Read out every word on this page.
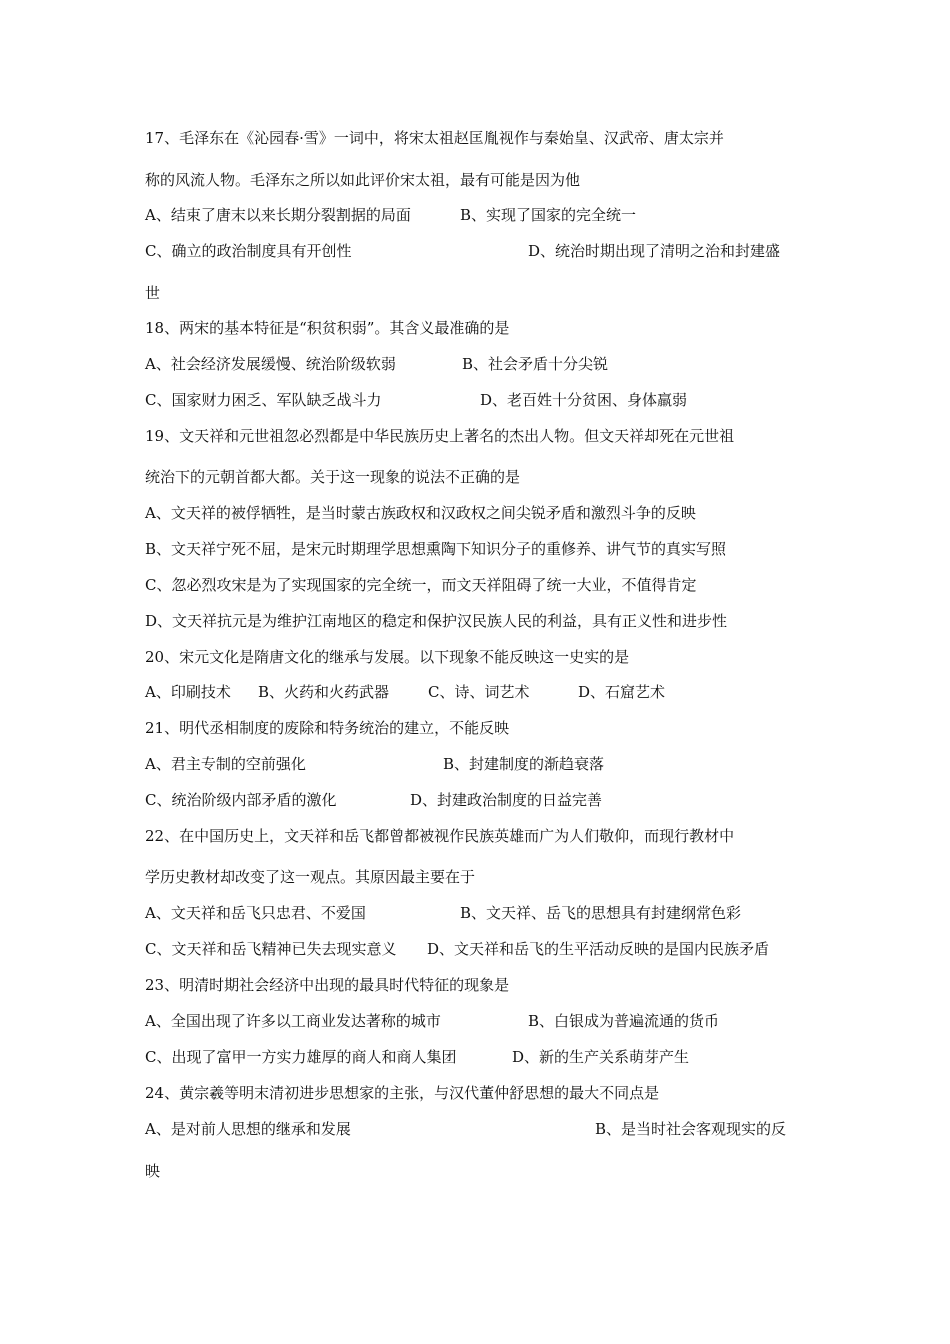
17、毛泽东在《沁园春·雪》一词中，将宋太祖赵匡胤视作与秦始皇、汉武帝、唐太宗并
称的风流人物。毛泽东之所以如此评价宋太祖，最有可能是因为他
A、结束了唐末以来长期分裂割据的局面	B、实现了国家的完全统一
C、确立的政治制度具有开创性	D、统治时期出现了清明之治和封建盛
世
18、两宋的基本特征是“积贫积弱”。其含义最准确的是
A、社会经济发展缓慢、统治阶级软弱	B、社会矛盾十分尖锐
C、国家财力困乏、军队缺乏战斗力	D、老百姓十分贫困、身体羸弱
19、文天祥和元世祖忽必烈都是中华民族历史上著名的杰出人物。但文天祥却死在元世祖
统治下的元朝首都大都。关于这一现象的说法不正确的是
A、文天祥的被俘牺牲，是当时蒙古族政权和汉政权之间尖锐矛盾和激烈斗争的反映
B、文天祥宁死不屈，是宋元时期理学思想熏陶下知识分子的重修养、讲气节的真实写照
C、忽必烈攻宋是为了实现国家的完全统一，而文天祥阻碍了统一大业，不值得肯定
D、文天祥抗元是为维护江南地区的稳定和保护汉民族人民的利益，具有正义性和进步性
20、宋元文化是隋唐文化的继承与发展。以下现象不能反映这一史实的是
A、印刷技术 B、火药和火药武器	C、诗、词艺术	D、石窟艺术
21、明代丞相制度的废除和特务统治的建立，不能反映
A、君主专制的空前强化	B、封建制度的渐趋衰落
C、统治阶级内部矛盾的激化	D、封建政治制度的日益完善
22、在中国历史上，文天祥和岳飞都曾都被视作民族英雄而广为人们敬仰，而现行教材中
学历史教材却改变了这一观点。其原因最主要在于
A、文天祥和岳飞只忠君、不爱国	B、文天祥、岳飞的思想具有封建纲常色彩
C、文天祥和岳飞精神已失去现实意义 D、文天祥和岳飞的生平活动反映的是国内民族矛盾
23、明清时期社会经济中出现的最具时代特征的现象是
A、全国出现了许多以工商业发达著称的城市	B、白银成为普遍流通的货币
C、出现了富甲一方实力雄厚的商人和商人集团	D、新的生产关系萌芽产生
24、黄宗羲等明末清初进步思想家的主张，与汉代董仲舒思想的最大不同点是
A、是对前人思想的继承和发展	B、是当时社会客观现实的反
映
